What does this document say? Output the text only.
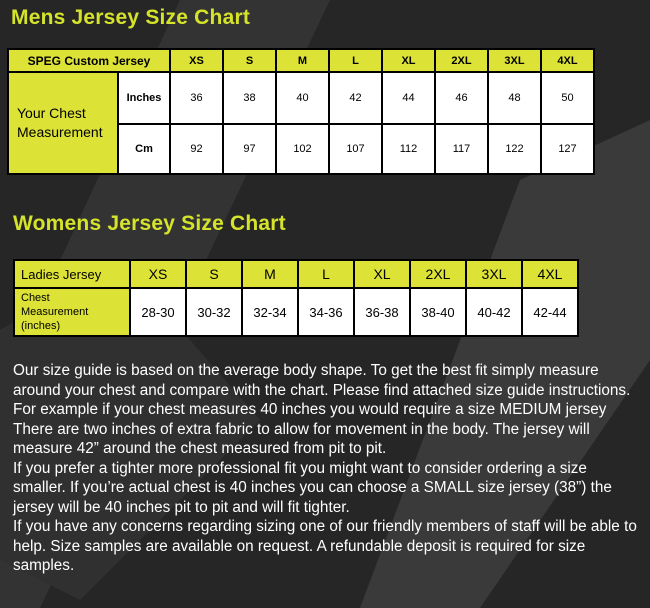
Mens Jersey Size Chart
SPEG Custom Jersey		XS	S	M	L	XL	2XL	3XL	4XL
Your Chest
Measurement	Inches	36	38	40	42	44	46	48	50
	Cm	92	97	102	107	112	117	122	127
Womens Jersey Size Chart
Ladies Jersey	XS	S	M	L	XL	2XL	3XL	4XL
Chest
Measurement
(inches)	28-30	30-32	32-34	34-36	36-38	38-40	40-42	42-44

Our size guide is based on the average body shape. To get the best fit simply measure around your chest and compare with the chart. Please find attached size guide instructions.

For example if your chest measures 40 inches you would require a size MEDIUM jersey There are two inches of extra fabric to allow for movement in the body. The jersey will measure 42” around the chest measured from pit to pit.

If you prefer a tighter more professional fit you might want to consider ordering a size smaller. If you’re actual chest is 40 inches you can choose a SMALL size jersey (38”) the jersey will be 40 inches pit to pit and will fit tighter.

If you have any concerns regarding sizing one of our friendly members of staff will be able to help. Size samples are available on request. A refundable deposit is required for size samples.
